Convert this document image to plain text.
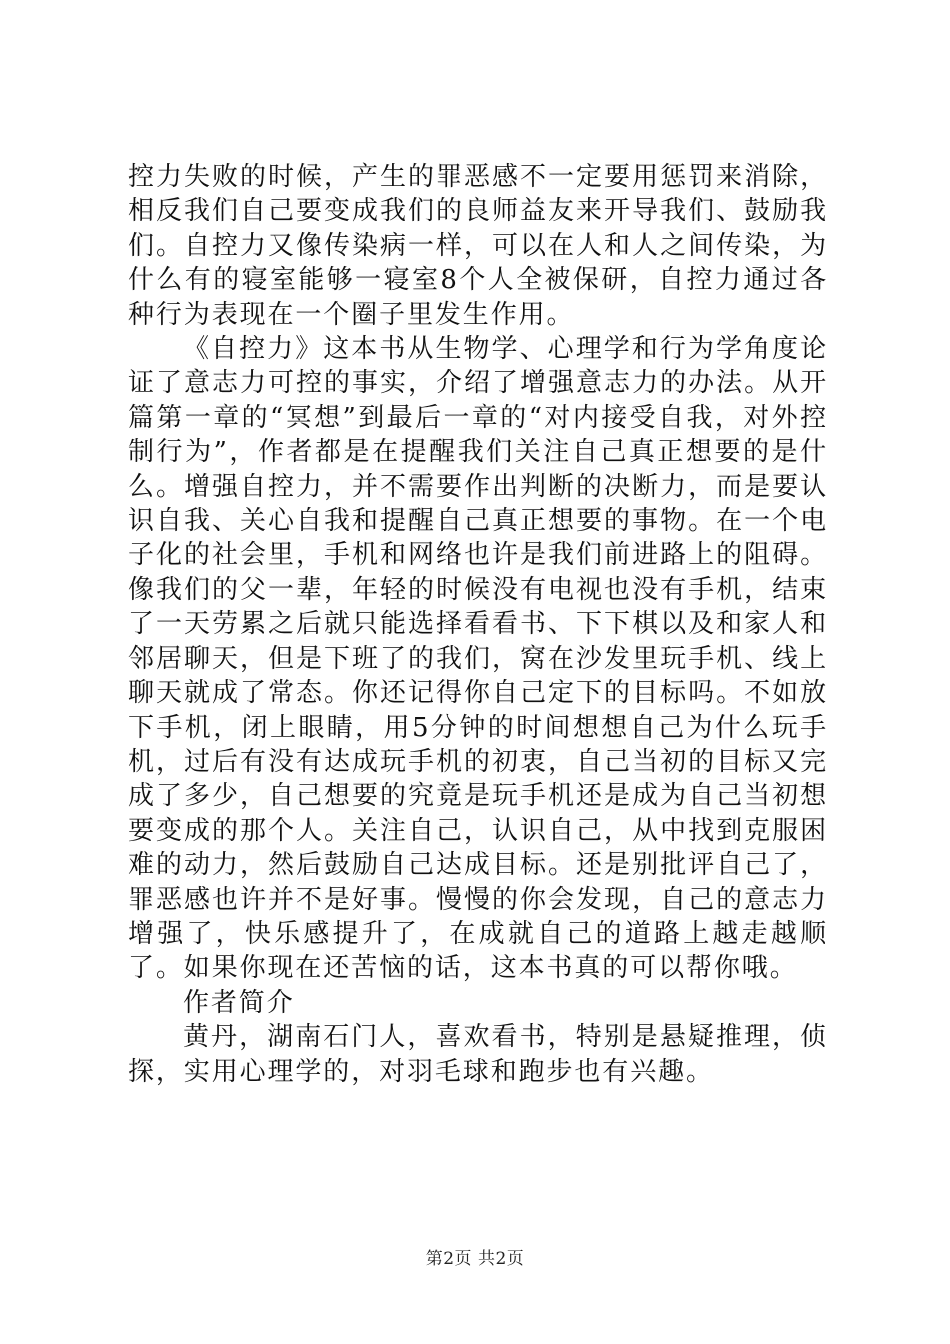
控力失败的时候，产生的罪恶感不一定要用惩罚来消除，相反我们自己要变成我们的良师益友来开导我们、鼓励我们。自控力又像传染病一样，可以在人和人之间传染，为什么有的寝室能够一寝室8个人全被保研，自控力通过各种行为表现在一个圈子里发生作用。

《自控力》这本书从生物学、心理学和行为学角度论证了意志力可控的事实，介绍了增强意志力的办法。从开篇第一章的“冥想”到最后一章的“对内接受自我，对外控制行为”，作者都是在提醒我们关注自己真正想要的是什么。增强自控力，并不需要作出判断的决断力，而是要认识自我、关心自我和提醒自己真正想要的事物。在一个电子化的社会里，手机和网络也许是我们前进路上的阻碍。像我们的父一辈，年轻的时候没有电视也没有手机，结束了一天劳累之后就只能选择看看书、下下棋以及和家人和邻居聊天，但是下班了的我们，窝在沙发里玩手机、线上聊天就成了常态。你还记得你自己定下的目标吗。不如放下手机，闭上眼睛，用5分钟的时间想想自己为什么玩手机，过后有没有达成玩手机的初衷，自己当初的目标又完成了多少，自己想要的究竟是玩手机还是成为自己当初想要变成的那个人。关注自己，认识自己，从中找到克服困难的动力，然后鼓励自己达成目标。还是别批评自己了，罪恶感也许并不是好事。慢慢的你会发现，自己的意志力增强了，快乐感提升了，在成就自己的道路上越走越顺了。如果你现在还苦恼的话，这本书真的可以帮你哦。

作者简介

黄丹，湖南石门人，喜欢看书，特别是悬疑推理，侦探，实用心理学的，对羽毛球和跑步也有兴趣。

第2页 共2页
